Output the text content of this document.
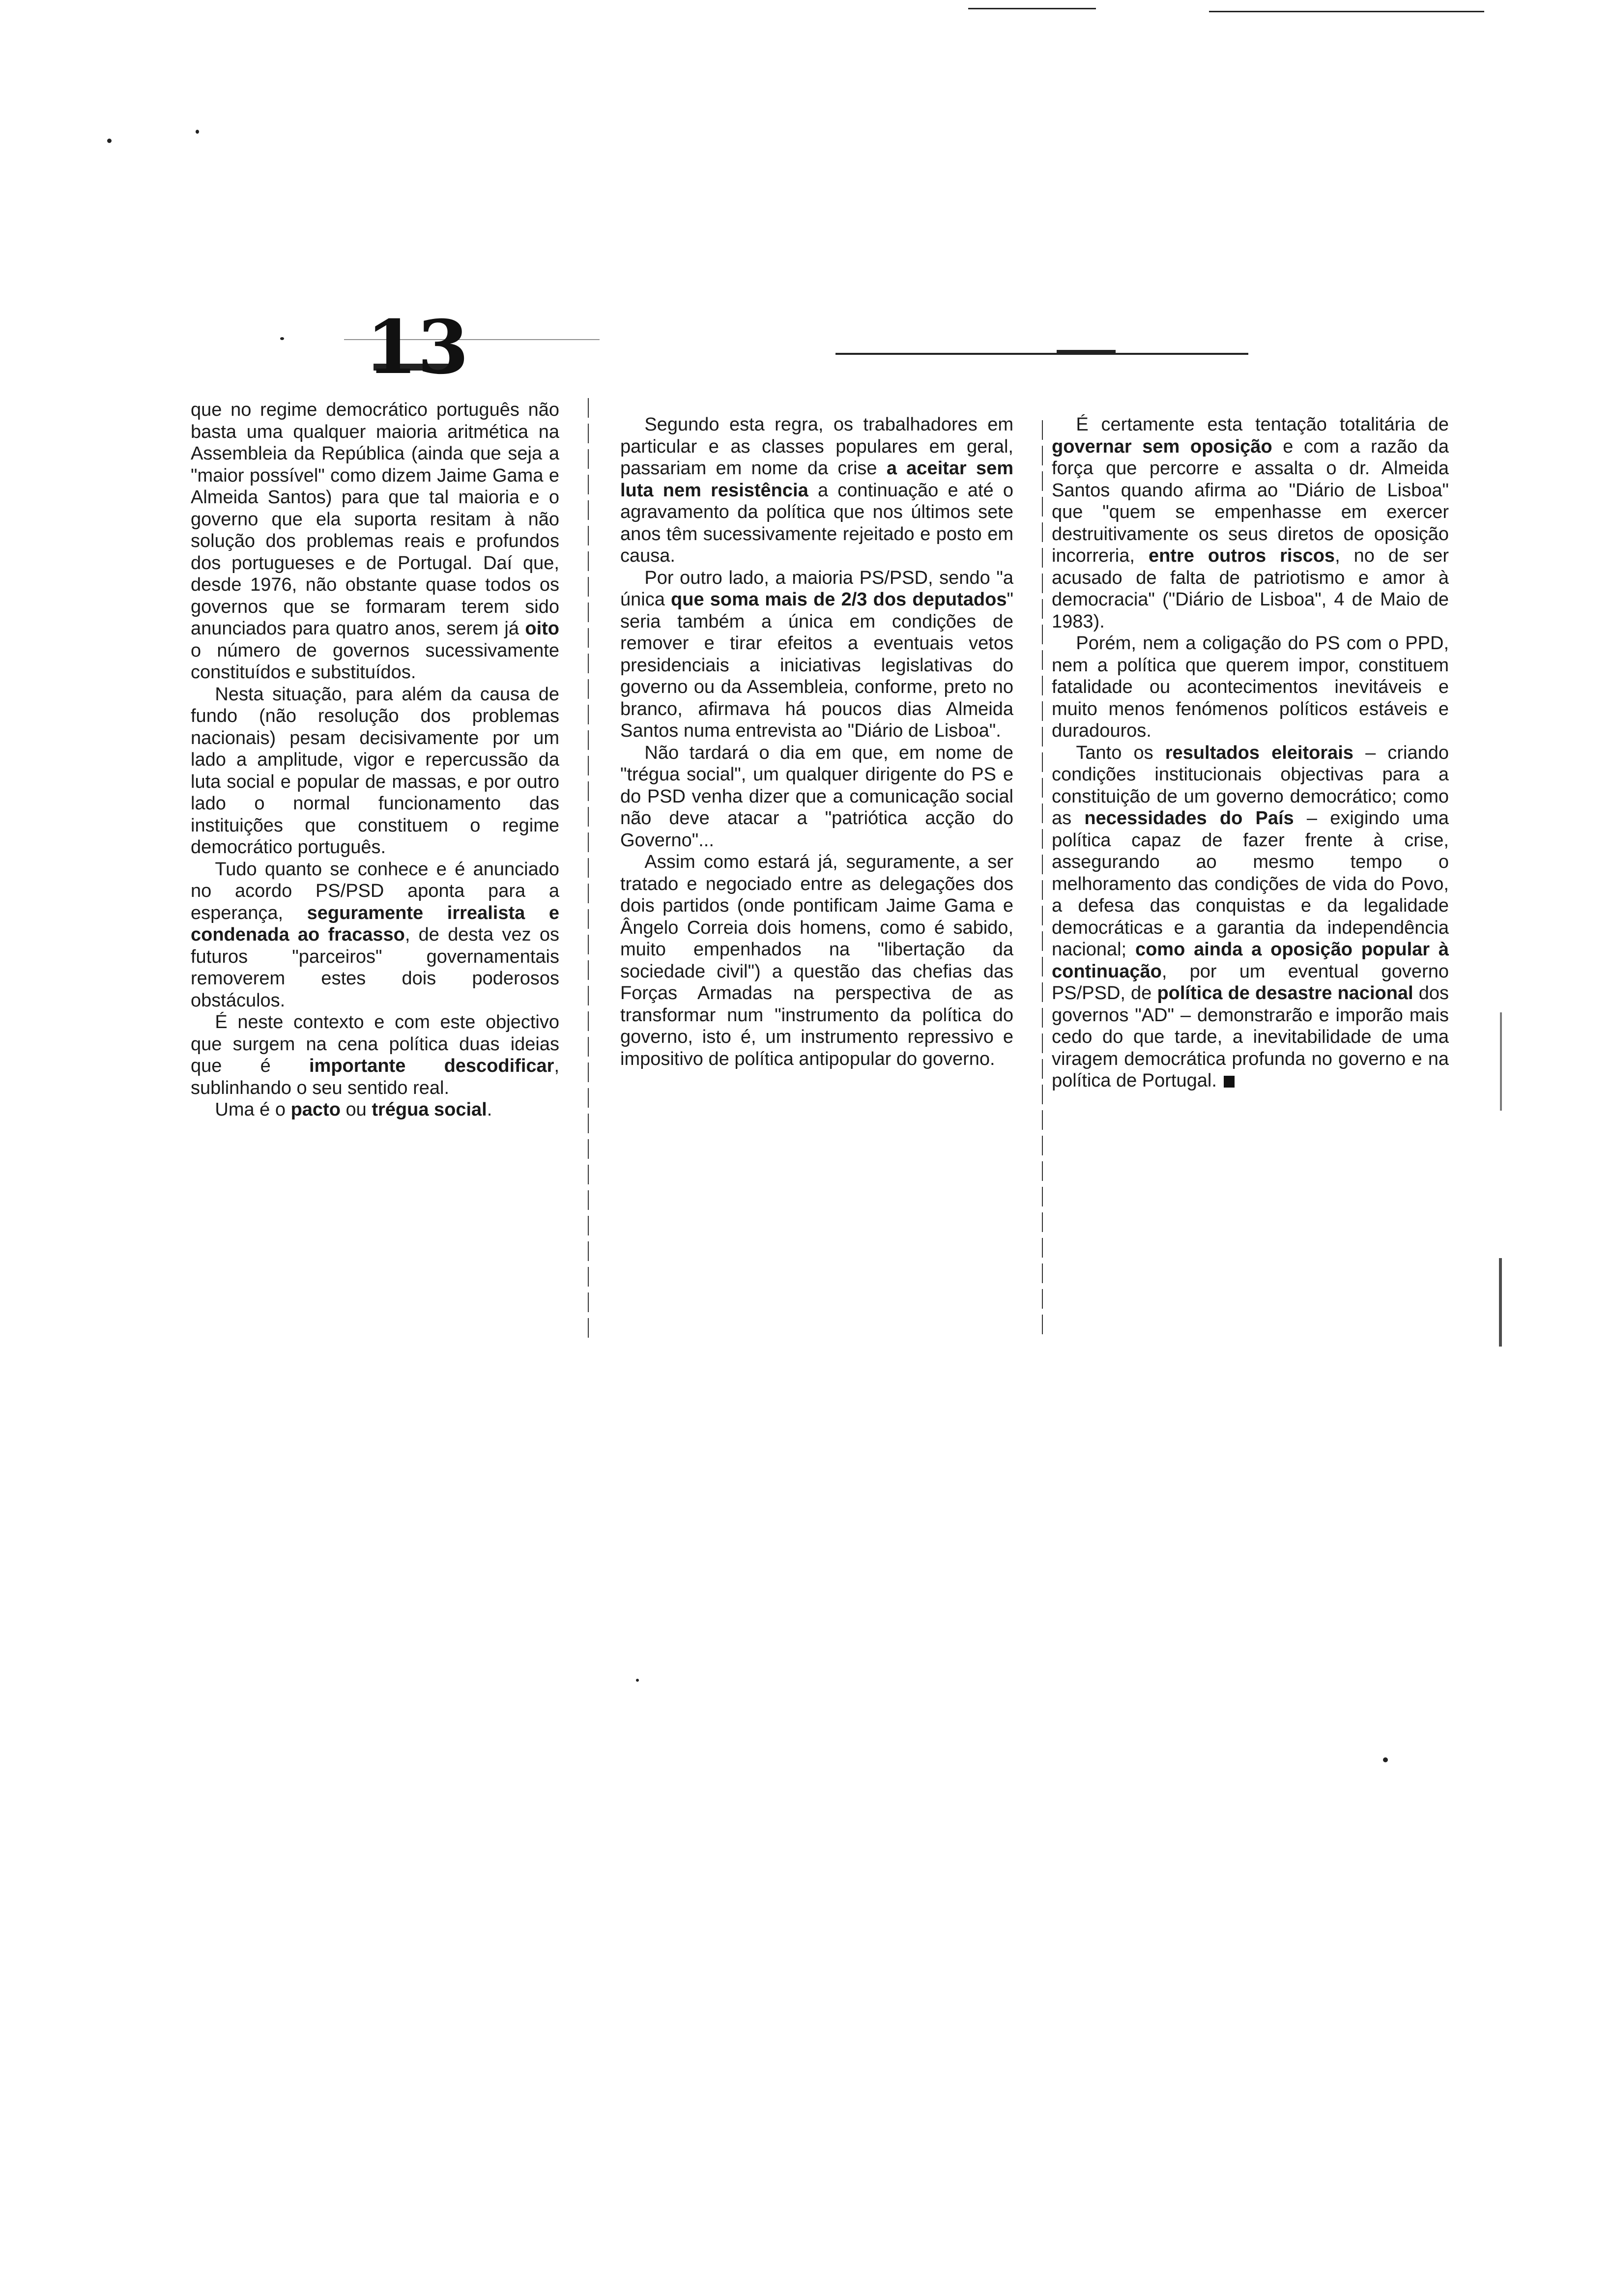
13

que no regime democrático português não basta uma qualquer maioria aritmética na Assembleia da República (ainda que seja a "maior possível" como dizem Jaime Gama e Almeida Santos) para que tal maioria e o governo que ela suporta resitam à não solução dos problemas reais e profundos dos portugueses e de Portugal. Daí que, desde 1976, não obstante quase todos os governos que se formaram terem sido anunciados para quatro anos, serem já oito o número de governos sucessivamente constituídos e substituídos.

Nesta situação, para além da causa de fundo (não resolução dos problemas nacionais) pesam decisivamente por um lado a amplitude, vigor e repercussão da luta social e popular de massas, e por outro lado o normal funcionamento das instituições que constituem o regime democrático português.

Tudo quanto se conhece e é anunciado no acordo PS/PSD aponta para a esperança, seguramente irrealista e condenada ao fracasso, de desta vez os futuros "parceiros" governamentais removerem estes dois poderosos obstáculos.

É neste contexto e com este objectivo que surgem na cena política duas ideias que é importante descodificar, sublinhando o seu sentido real.

Uma é o pacto ou trégua social.

Segundo esta regra, os trabalhadores em particular e as classes populares em geral, passariam em nome da crise a aceitar sem luta nem resistência a continuação e até o agravamento da política que nos últimos sete anos têm sucessivamente rejeitado e posto em causa.

Por outro lado, a maioria PS/PSD, sendo "a única que soma mais de 2/3 dos deputados" seria também a única em condições de remover e tirar efeitos a eventuais vetos presidenciais a iniciativas legislativas do governo ou da Assembleia, conforme, preto no branco, afirmava há poucos dias Almeida Santos numa entrevista ao "Diário de Lisboa".

Não tardará o dia em que, em nome de "trégua social", um qualquer dirigente do PS e do PSD venha dizer que a comunicação social não deve atacar a "patriótica acção do Governo"...

Assim como estará já, seguramente, a ser tratado e negociado entre as delegações dos dois partidos (onde pontificam Jaime Gama e Ângelo Correia dois homens, como é sabido, muito empenhados na "libertação da sociedade civil") a questão das chefias das Forças Armadas na perspectiva de as transformar num "instrumento da política do governo, isto é, um instrumento repressivo e impositivo de política antipopular do governo.

É certamente esta tentação totalitária de governar sem oposição e com a razão da força que percorre e assalta o dr. Almeida Santos quando afirma ao "Diário de Lisboa" que "quem se empenhasse em exercer destruitivamente os seus diretos de oposição incorreria, entre outros riscos, no de ser acusado de falta de patriotismo e amor à democracia" ("Diário de Lisboa", 4 de Maio de 1983).

Porém, nem a coligação do PS com o PPD, nem a política que querem impor, constituem fatalidade ou acontecimentos inevitáveis e muito menos fenómenos políticos estáveis e duradouros.

Tanto os resultados eleitorais – criando condições institucionais objectivas para a constituição de um governo democrático; como as necessidades do País – exigindo uma política capaz de fazer frente à crise, assegurando ao mesmo tempo o melhoramento das condições de vida do Povo, a defesa das conquistas e da legalidade democráticas e a garantia da independência nacional; como ainda a oposição popular à continuação, por um eventual governo PS/PSD, de política de desastre nacional dos governos "AD" – demonstrarão e imporão mais cedo do que tarde, a inevitabilidade de uma viragem democrática profunda no governo e na política de Portugal.
